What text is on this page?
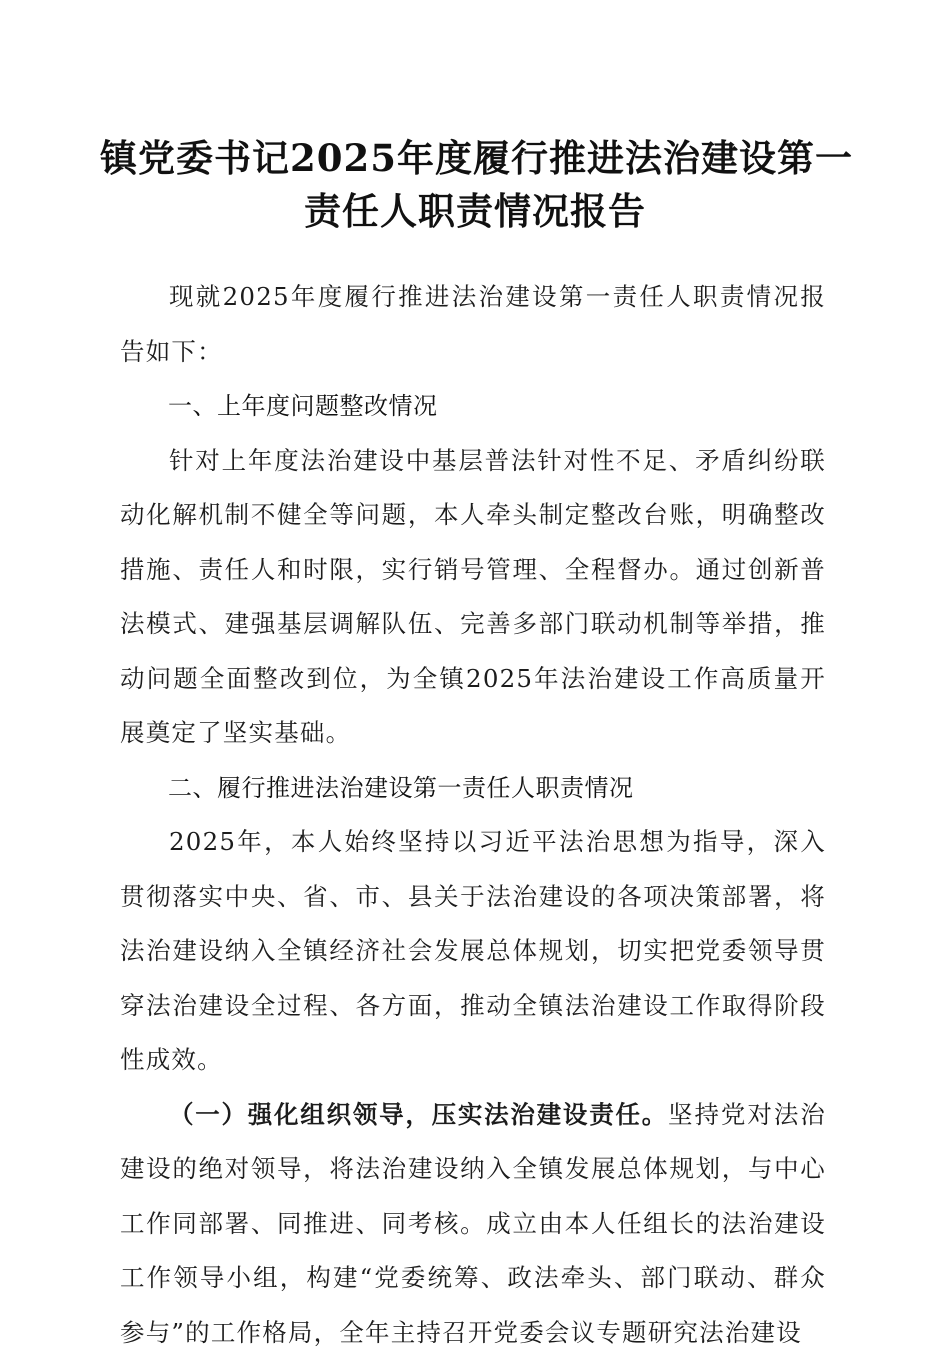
镇党委书记2025年度履行推进法治建设第一
责任人职责情况报告

现就2025年度履行推进法治建设第一责任人职责情况报告如下：

一、上年度问题整改情况

针对上年度法治建设中基层普法针对性不足、矛盾纠纷联动化解机制不健全等问题，本人牵头制定整改台账，明确整改措施、责任人和时限，实行销号管理、全程督办。通过创新普法模式、建强基层调解队伍、完善多部门联动机制等举措，推动问题全面整改到位，为全镇2025年法治建设工作高质量开展奠定了坚实基础。

二、履行推进法治建设第一责任人职责情况

2025年，本人始终坚持以习近平法治思想为指导，深入贯彻落实中央、省、市、县关于法治建设的各项决策部署，将法治建设纳入全镇经济社会发展总体规划，切实把党委领导贯穿法治建设全过程、各方面，推动全镇法治建设工作取得阶段性成效。

（一）强化组织领导，压实法治建设责任。坚持党对法治建设的绝对领导，将法治建设纳入全镇发展总体规划，与中心工作同部署、同推进、同考核。成立由本人任组长的法治建设工作领导小组，构建“党委统筹、政法牵头、部门联动、群众参与”的工作格局，全年主持召开党委会议专题研究法治建设
